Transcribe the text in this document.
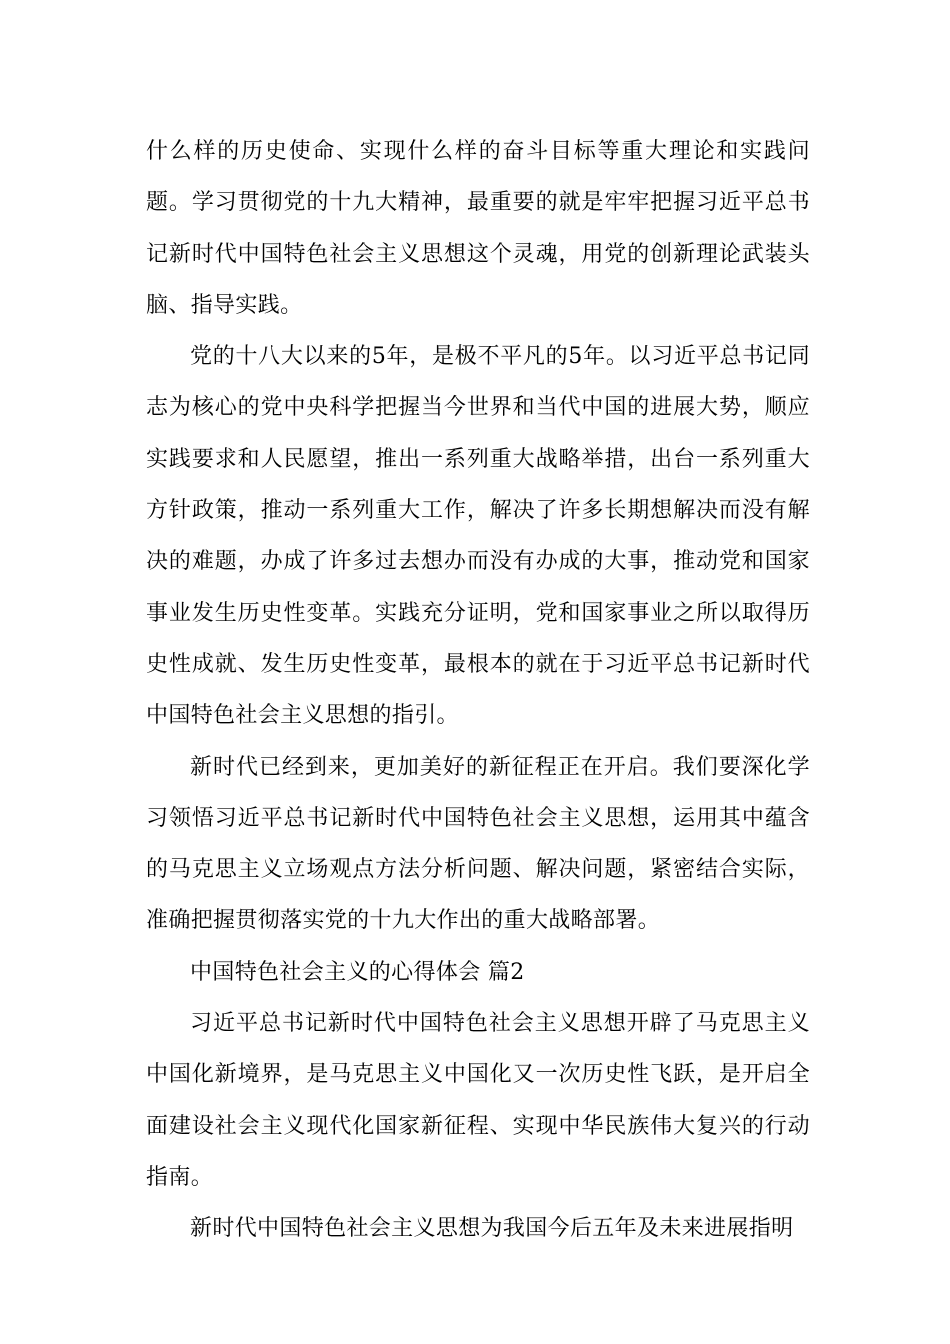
什么样的历史使命、实现什么样的奋斗目标等重大理论和实践问题。学习贯彻党的十九大精神，最重要的就是牢牢把握习近平总书记新时代中国特色社会主义思想这个灵魂，用党的创新理论武装头脑、指导实践。

党的十八大以来的5年，是极不平凡的5年。以习近平总书记同志为核心的党中央科学把握当今世界和当代中国的进展大势，顺应实践要求和人民愿望，推出一系列重大战略举措，出台一系列重大方针政策，推动一系列重大工作，解决了许多长期想解决而没有解决的难题，办成了许多过去想办而没有办成的大事，推动党和国家事业发生历史性变革。实践充分证明，党和国家事业之所以取得历史性成就、发生历史性变革，最根本的就在于习近平总书记新时代中国特色社会主义思想的指引。

新时代已经到来，更加美好的新征程正在开启。我们要深化学习领悟习近平总书记新时代中国特色社会主义思想，运用其中蕴含的马克思主义立场观点方法分析问题、解决问题，紧密结合实际，准确把握贯彻落实党的十九大作出的重大战略部署。

中国特色社会主义的心得体会 篇2

习近平总书记新时代中国特色社会主义思想开辟了马克思主义中国化新境界，是马克思主义中国化又一次历史性飞跃，是开启全面建设社会主义现代化国家新征程、实现中华民族伟大复兴的行动指南。

新时代中国特色社会主义思想为我国今后五年及未来进展指明
